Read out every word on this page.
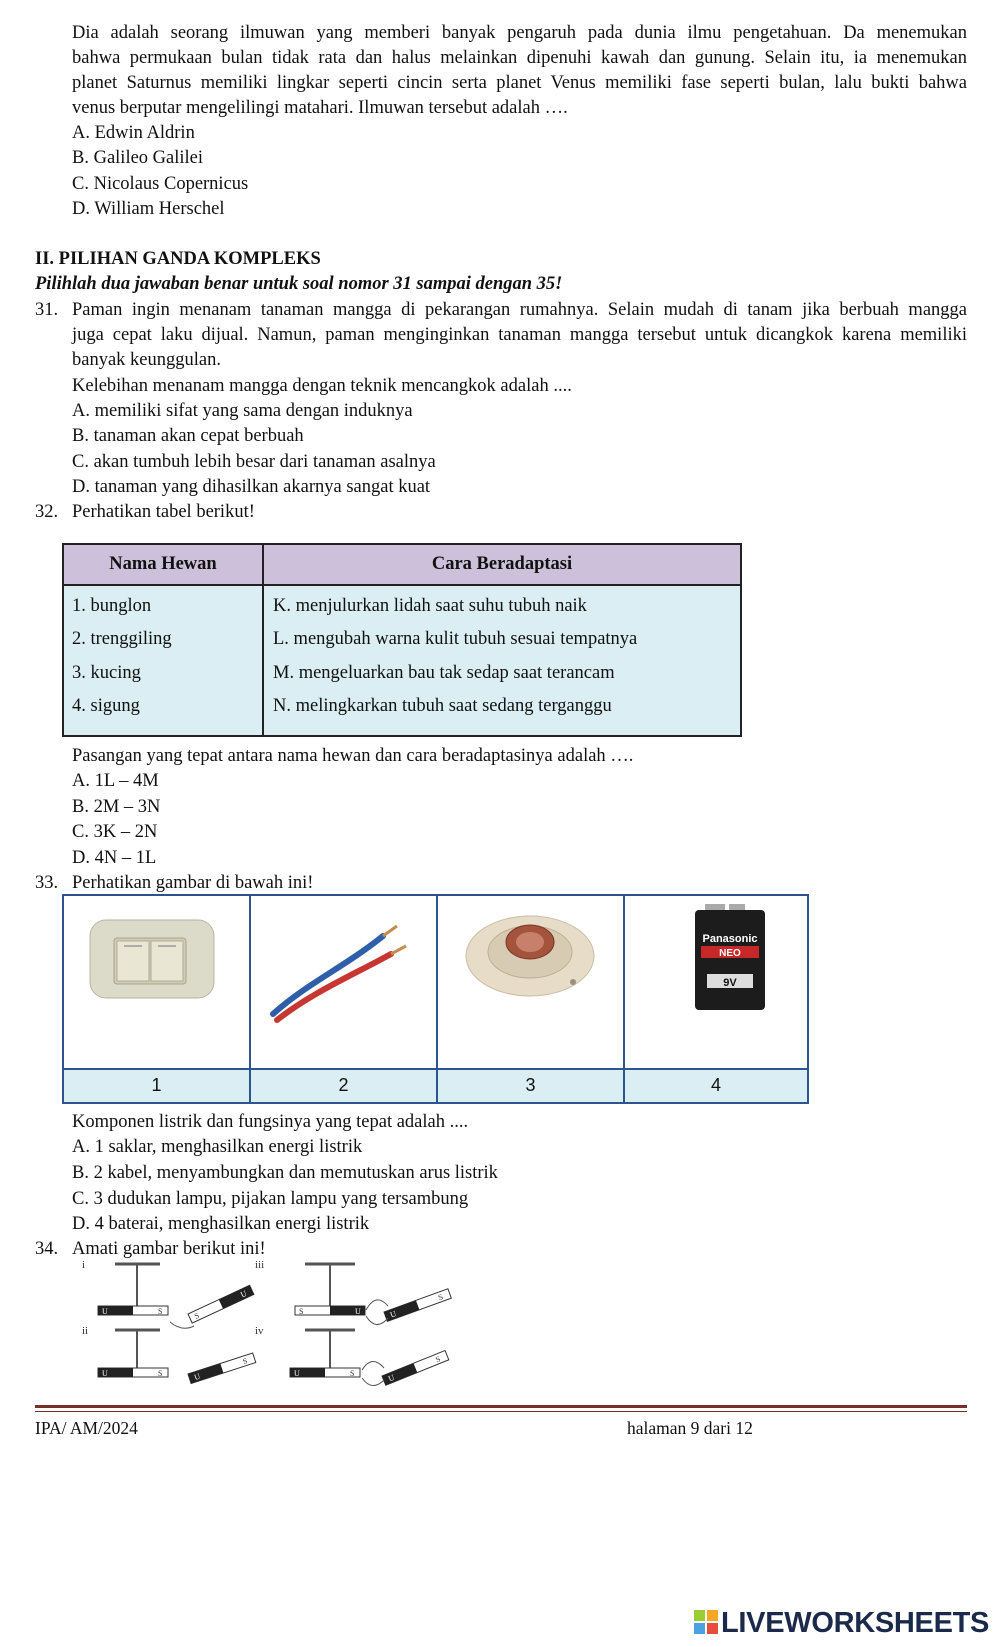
Dia adalah seorang ilmuwan yang memberi banyak pengaruh pada dunia ilmu pengetahuan. Da menemukan
bahwa permukaan bulan tidak rata dan halus melainkan dipenuhi kawah dan gunung. Selain itu, ia menemukan
planet Saturnus memiliki lingkar seperti cincin serta planet Venus memiliki fase seperti bulan, lalu bukti bahwa
venus berputar mengelilingi matahari. Ilmuwan tersebut adalah ….
A. Edwin Aldrin
B. Galileo Galilei
C. Nicolaus Copernicus
D. William Herschel
II. PILIHAN GANDA KOMPLEKS
Pilihlah dua jawaban benar untuk soal nomor 31 sampai dengan 35!
31. Paman ingin menanam tanaman mangga di pekarangan rumahnya. Selain mudah di tanam jika berbuah mangga
juga cepat laku dijual. Namun, paman menginginkan tanaman mangga tersebut untuk dicangkok karena memiliki
banyak keunggulan.
Kelebihan menanam mangga dengan teknik mencangkok adalah ....
A. memiliki sifat yang sama dengan induknya
B. tanaman akan cepat berbuah
C. akan tumbuh lebih besar dari tanaman asalnya
D. tanaman yang dihasilkan akarnya sangat kuat
32. Perhatikan tabel berikut!
Nama Hewan	Cara Beradaptasi
1. bunglon	K. menjulurkan lidah saat suhu tubuh naik
2. trenggiling	L. mengubah warna kulit tubuh sesuai tempatnya
3. kucing	M. mengeluarkan bau tak sedap saat terancam
4. sigung	N. melingkarkan tubuh saat sedang terganggu
Pasangan yang tepat antara nama hewan dan cara beradaptasinya adalah ….
A. 1L – 4M
B. 2M – 3N
C. 3K – 2N
D. 4N – 1L
33. Perhatikan gambar di bawah ini!
Panasonic
NEO
9V
1	2	3	4
Komponen listrik dan fungsinya yang tepat adalah ....
A. 1 saklar, menghasilkan energi listrik
B. 2 kabel, menyambungkan dan memutuskan arus listrik
C. 3 dudukan lampu, pijakan lampu yang tersambung
D. 4 baterai, menghasilkan energi listrik
34. Amati gambar berikut ini!
i
U	S	S
U
ii
U	S	U
S
iii
S	U	U
S
iv
U	S	U
S
IPA/ AM/2024	halaman 9 dari 12
LIVEWORKSHEETS
